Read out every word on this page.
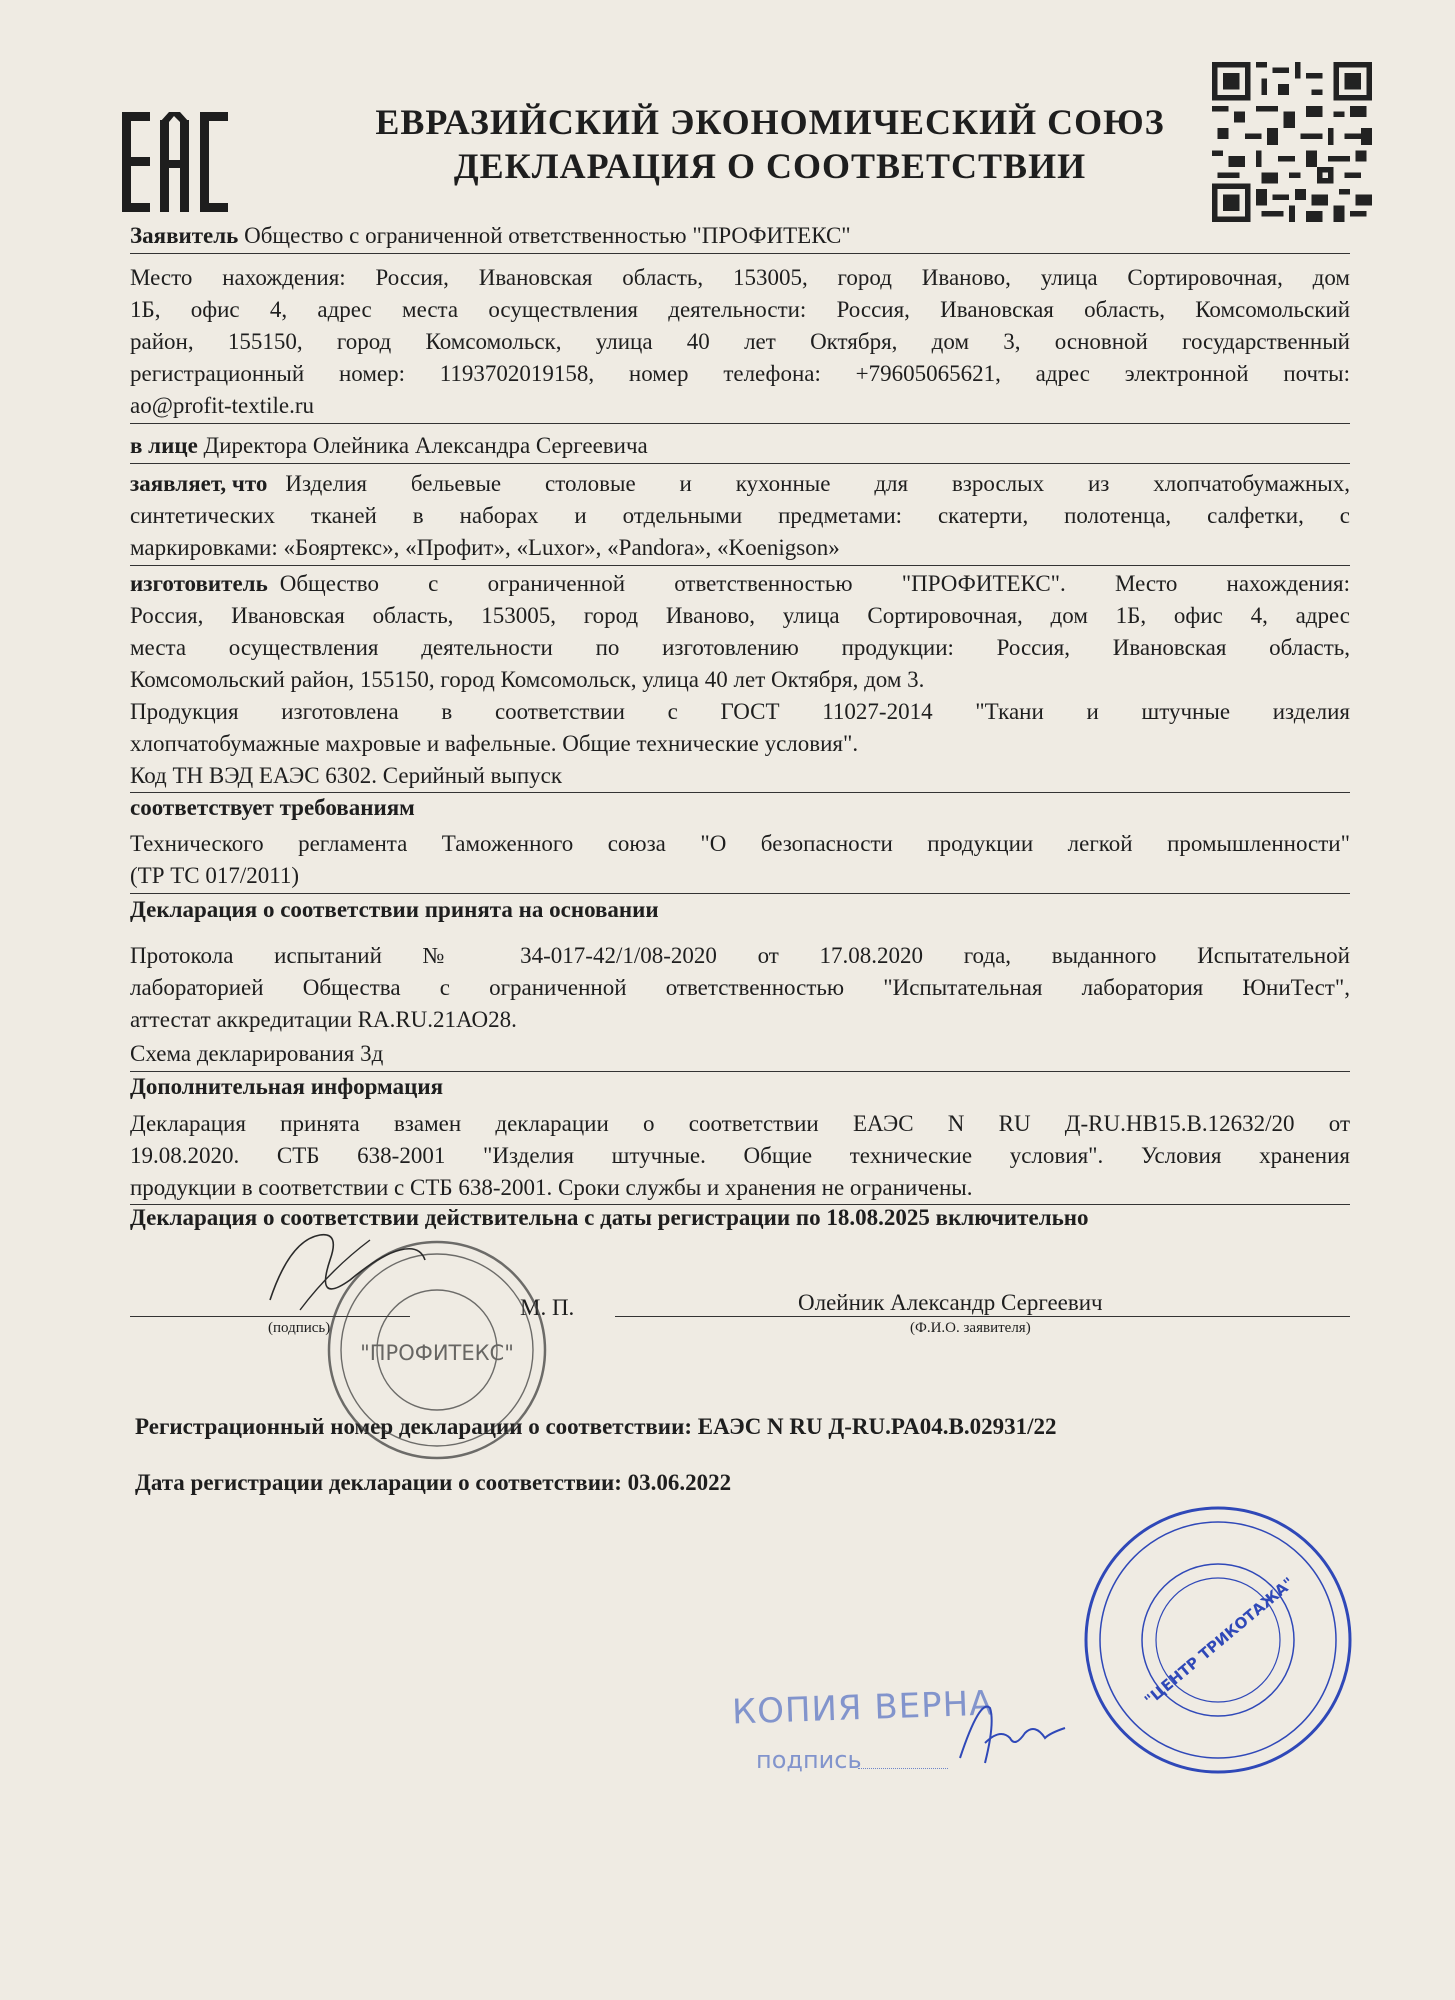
ЕВРАЗИЙСКИЙ ЭКОНОМИЧЕСКИЙ СОЮЗ
ДЕКЛАРАЦИЯ О СООТВЕТСТВИИ
Заявитель Общество с ограниченной ответственностью "ПРОФИТЕКС"
Место нахождения: Россия, Ивановская область, 153005, город Иваново, улица Сортировочная, дом
1Б, офис 4, адрес места осуществления деятельности: Россия, Ивановская область, Комсомольский
район, 155150, город Комсомольск, улица 40 лет Октября, дом 3, основной государственный
регистрационный номер: 1193702019158, номер телефона: +79605065621, адрес электронной почты:
ao@profit-textile.ru
в лице Директора Олейника Александра Сергеевича
заявляет, что Изделия бельевые столовые и кухонные для взрослых из хлопчатобумажных,
синтетических тканей в наборах и отдельными предметами: скатерти, полотенца, салфетки, с
маркировками: «Бояртекс», «Профит», «Luxor», «Pandora», «Koenigson»
изготовитель Общество с ограниченной ответственностью "ПРОФИТЕКС". Место нахождения:
Россия, Ивановская область, 153005, город Иваново, улица Сортировочная, дом 1Б, офис 4, адрес
места осуществления деятельности по изготовлению продукции: Россия, Ивановская область,
Комсомольский район, 155150, город Комсомольск, улица 40 лет Октября, дом 3.
Продукция изготовлена в соответствии с ГОСТ 11027-2014 "Ткани и штучные изделия
хлопчатобумажные махровые и вафельные. Общие технические условия".
Код ТН ВЭД ЕАЭС 6302. Серийный выпуск
соответствует требованиям
Технического регламента Таможенного союза "О безопасности продукции легкой промышленности"
(ТР ТС 017/2011)
Декларация о соответствии принята на основании
Протокола испытаний № 34-017-42/1/08-2020 от 17.08.2020 года, выданного Испытательной
лабораторией Общества с ограниченной ответственностью "Испытательная лаборатория ЮниТест",
аттестат аккредитации RA.RU.21АО28.
Схема декларирования 3д
Дополнительная информация
Декларация принята взамен декларации о соответствии ЕАЭС N RU Д-RU.НВ15.В.12632/20 от
19.08.2020. СТБ 638-2001 "Изделия штучные. Общие технические условия". Условия хранения
продукции в соответствии с СТБ 638-2001. Сроки службы и хранения не ограничены.
Декларация о соответствии действительна с даты регистрации по 18.08.2025 включительно
(подпись)
М. П.	Олейник Александр Сергеевич
(Ф.И.О. заявителя)
Регистрационный номер декларации о соответствии: ЕАЭС N RU Д-RU.PA04.B.02931/22
Дата регистрации декларации о соответствии: 03.06.2022
"ПРОФИТЕКС"
КОПИЯ ВЕРНА
подпись
"ЦЕНТР ТРИКОТАЖА"
